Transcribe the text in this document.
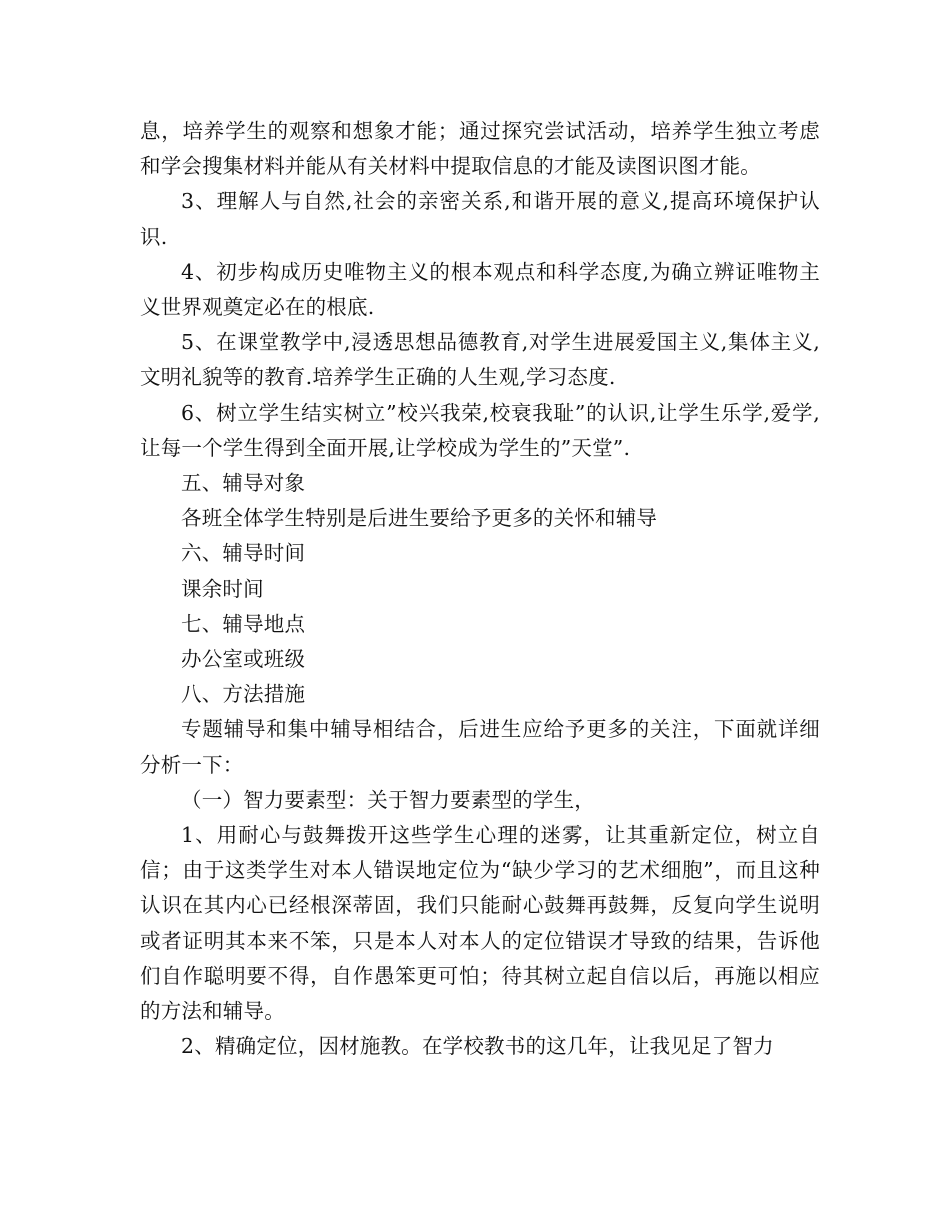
息，培养学生的观察和想象才能；通过探究尝试活动，培养学生独立考虑和学会搜集材料并能从有关材料中提取信息的才能及读图识图才能。

3、理解人与自然,社会的亲密关系,和谐开展的意义,提高环境保护认识.

4、初步构成历史唯物主义的根本观点和科学态度,为确立辨证唯物主义世界观奠定必在的根底.

5、在课堂教学中,浸透思想品德教育,对学生进展爱国主义,集体主义,文明礼貌等的教育.培养学生正确的人生观,学习态度.

6、树立学生结实树立”校兴我荣,校衰我耻”的认识,让学生乐学,爱学,让每一个学生得到全面开展,让学校成为学生的”天堂”.

五、辅导对象

各班全体学生特别是后进生要给予更多的关怀和辅导

六、辅导时间

课余时间

七、辅导地点

办公室或班级

八、方法措施

专题辅导和集中辅导相结合，后进生应给予更多的关注，下面就详细分析一下：

（一）智力要素型：关于智力要素型的学生，

1、用耐心与鼓舞拨开这些学生心理的迷雾，让其重新定位，树立自信；由于这类学生对本人错误地定位为“缺少学习的艺术细胞”，而且这种认识在其内心已经根深蒂固，我们只能耐心鼓舞再鼓舞，反复向学生说明或者证明其本来不笨，只是本人对本人的定位错误才导致的结果，告诉他们自作聪明要不得，自作愚笨更可怕；待其树立起自信以后，再施以相应的方法和辅导。

2、精确定位，因材施教。在学校教书的这几年，让我见足了智力
